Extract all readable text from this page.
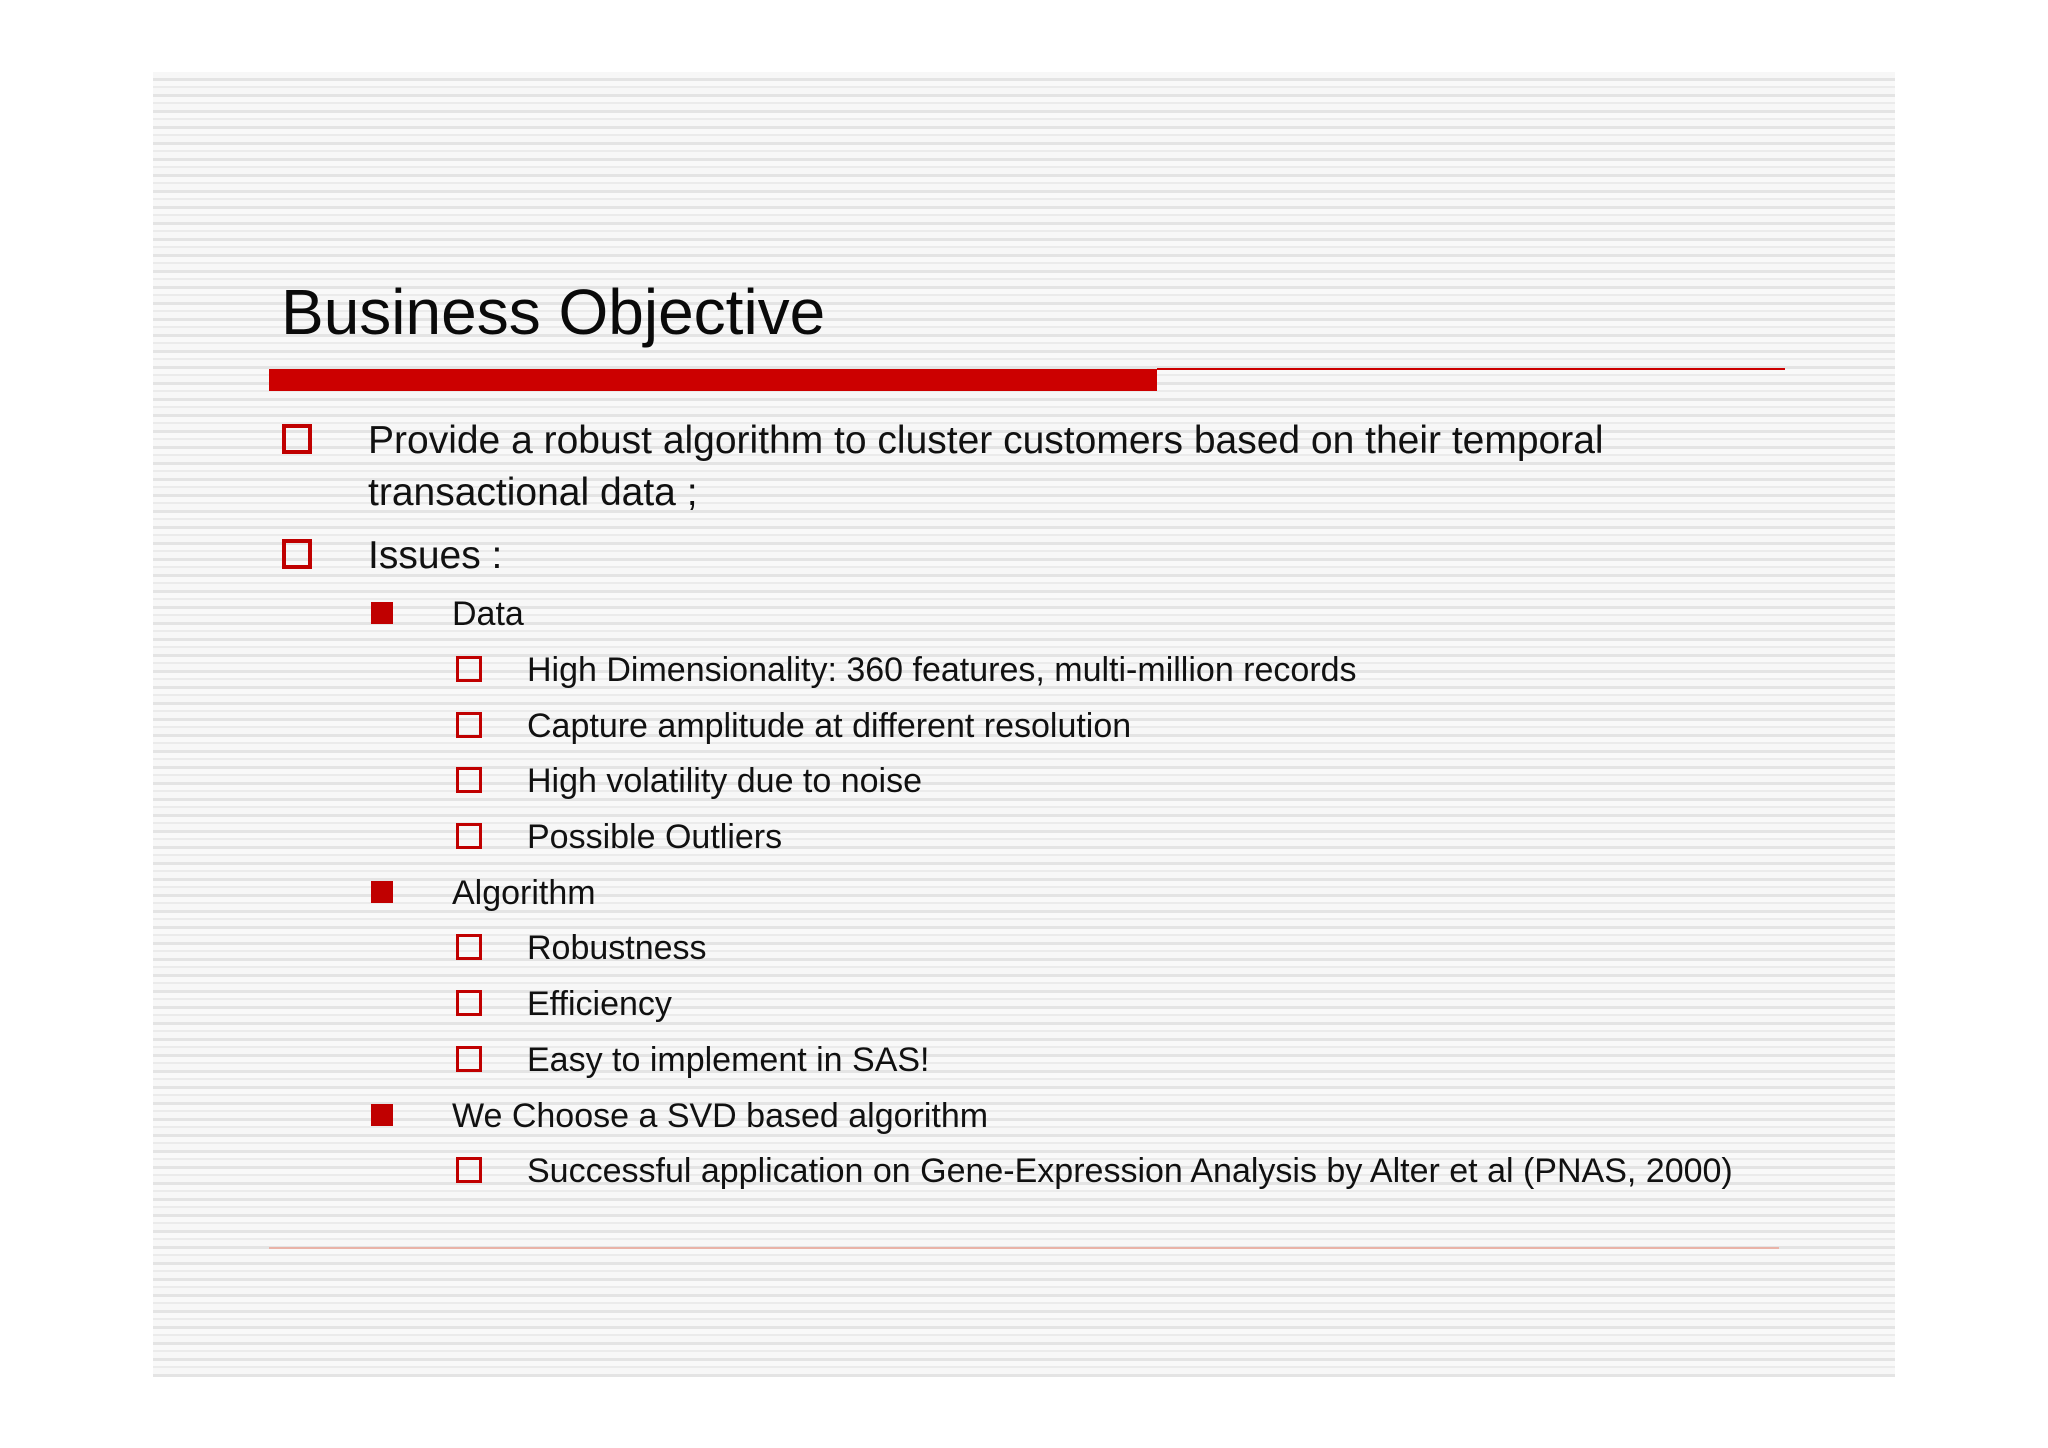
Business Objective
Provide a robust algorithm to cluster customers based on their temporal
transactional data ;
Issues :
Data
High Dimensionality: 360 features, multi-million records
Capture amplitude at different resolution
High volatility due to noise
Possible Outliers
Algorithm
Robustness
Efficiency
Easy to implement in SAS!
We Choose a SVD based algorithm
Successful application on Gene-Expression Analysis by Alter et al (PNAS, 2000)
